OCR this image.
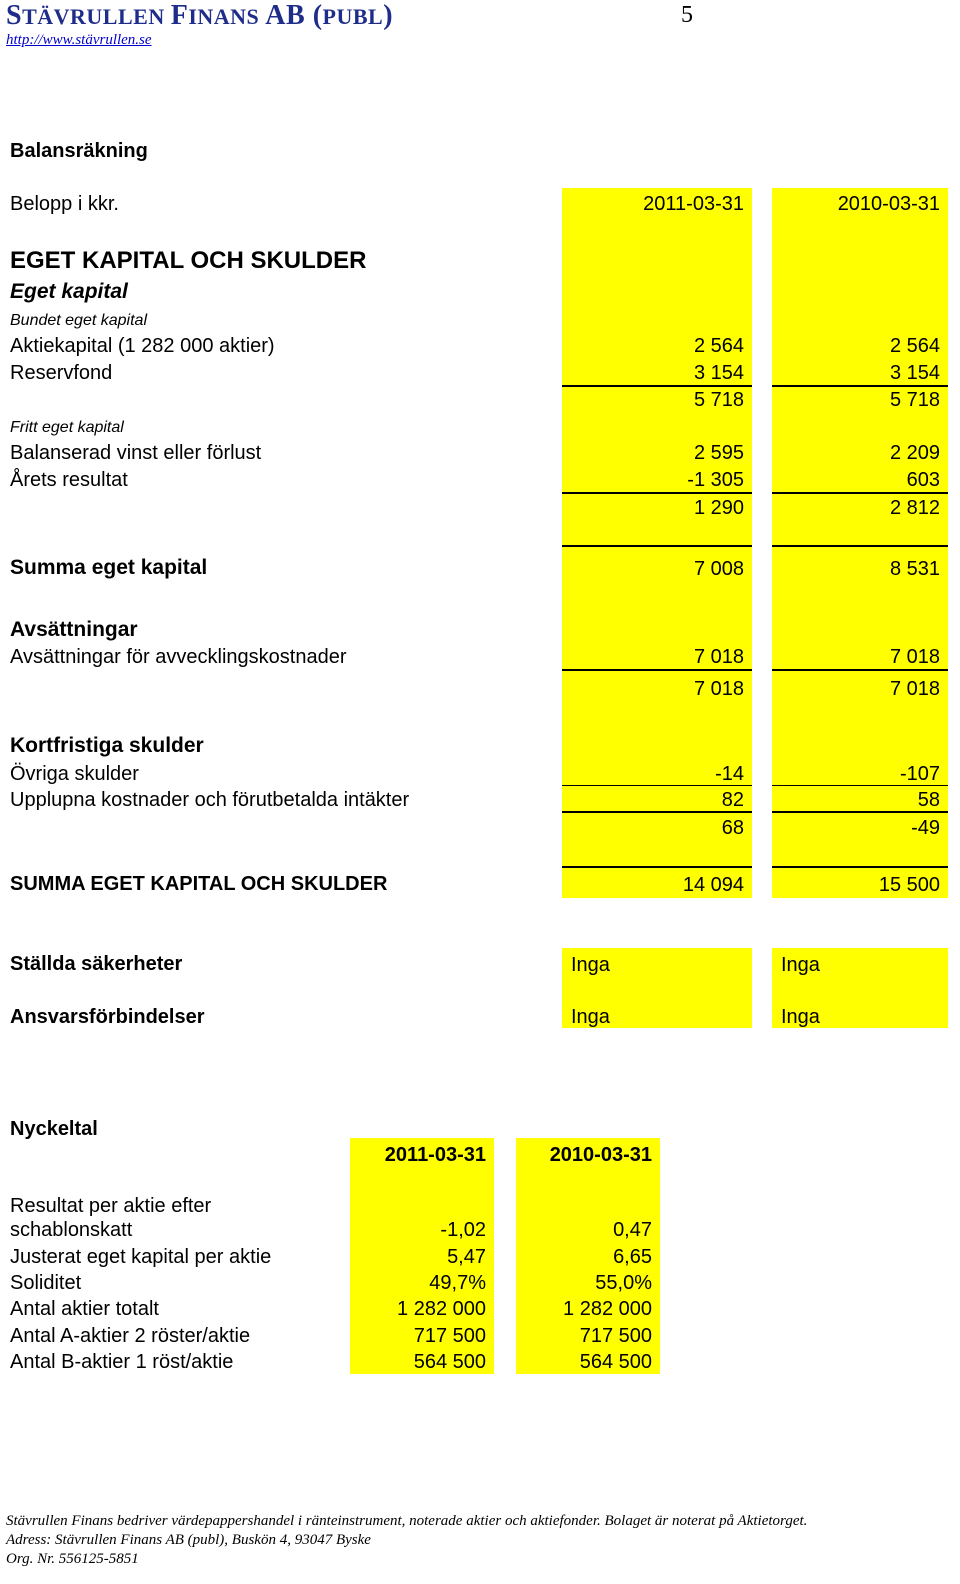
STÄVRULLEN FINANS AB (PUBL)	5
http://www.stävrullen.se
Balansräkning
Belopp i kkr.	2011-03-31	2010-03-31
EGET KAPITAL OCH SKULDER
Eget kapital
Bundet eget kapital
Aktiekapital (1 282 000 aktier)	2 564	2 564
Reservfond	3 154	3 154
5 718	5 718
Fritt eget kapital
Balanserad vinst eller förlust	2 595	2 209
Årets resultat	-1 305	603
1 290	2 812
Summa eget kapital	7 008	8 531
Avsättningar
Avsättningar för avvecklingskostnader	7 018	7 018
7 018	7 018
Kortfristiga skulder
Övriga skulder	-14	-107
Upplupna kostnader och förutbetalda intäkter	82	58
68	-49
SUMMA EGET KAPITAL OCH SKULDER	14 094	15 500
Ställda säkerheter	Inga	Inga
Ansvarsförbindelser	Inga	Inga
Nyckeltal
2011-03-31	2010-03-31
Resultat per aktie efter
schablonskatt	-1,02	0,47
Justerat eget kapital per aktie	5,47	6,65
Soliditet	49,7%	55,0%
Antal aktier totalt	1 282 000	1 282 000
Antal A-aktier 2 röster/aktie	717 500	717 500
Antal B-aktier 1 röst/aktie	564 500	564 500
Stävrullen Finans bedriver värdepappershandel i ränteinstrument, noterade aktier och aktiefonder. Bolaget är noterat på Aktietorget.
Adress: Stävrullen Finans AB (publ), Buskön 4, 93047 Byske
Org. Nr. 556125-5851
